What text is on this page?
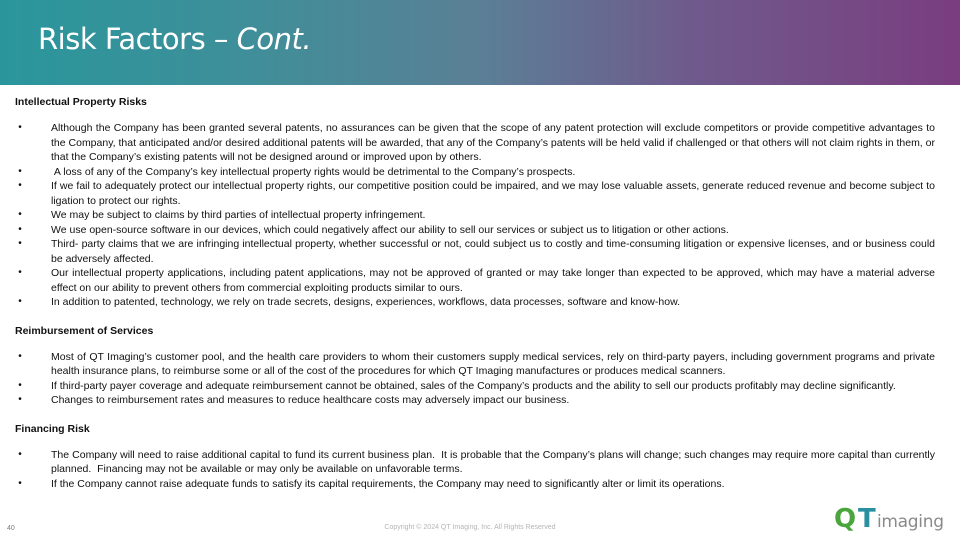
Risk Factors – Cont.
Intellectual Property Risks
•	Although the Company has been granted several patents, no assurances can be given that the scope of any patent protection will exclude competitors or provide competitive advantages to the Company, that anticipated and/or desired additional patents will be awarded, that any of the Company’s patents will be held valid if challenged or that others will not claim rights in them, or that the Company’s existing patents will not be designed around or improved upon by others.
•	A loss of any of the Company’s key intellectual property rights would be detrimental to the Company’s prospects.
•	If we fail to adequately protect our intellectual property rights, our competitive position could be impaired, and we may lose valuable assets, generate reduced revenue and become subject to ligation to protect our rights.
•	We may be subject to claims by third parties of intellectual property infringement.
•	We use open-source software in our devices, which could negatively affect our ability to sell our services or subject us to litigation or other actions.
•	Third- party claims that we are infringing intellectual property, whether successful or not, could subject us to costly and time-consuming litigation or expensive licenses, and or business could be adversely affected.
•	Our intellectual property applications, including patent applications, may not be approved of granted or may take longer than expected to be approved, which may have a material adverse effect on our ability to prevent others from commercial exploiting products similar to ours.
•	In addition to patented, technology, we rely on trade secrets, designs, experiences, workflows, data processes, software and know-how.
Reimbursement of Services
•	Most of QT Imaging’s customer pool, and the health care providers to whom their customers supply medical services, rely on third-party payers, including government programs and private health insurance plans, to reimburse some or all of the cost of the procedures for which QT Imaging manufactures or produces medical scanners.
•	If third-party payer coverage and adequate reimbursement cannot be obtained, sales of the Company’s products and the ability to sell our products profitably may decline significantly.
•	Changes to reimbursement rates and measures to reduce healthcare costs may adversely impact our business.
Financing Risk
•	The Company will need to raise additional capital to fund its current business plan.  It is probable that the Company’s plans will change; such changes may require more capital than currently planned.  Financing may not be available or may only be available on unfavorable terms.
•	If the Company cannot raise adequate funds to satisfy its capital requirements, the Company may need to significantly alter or limit its operations.
40	Copyright © 2024 QT Imaging, Inc. All Rights Reserved	Q T imaging
